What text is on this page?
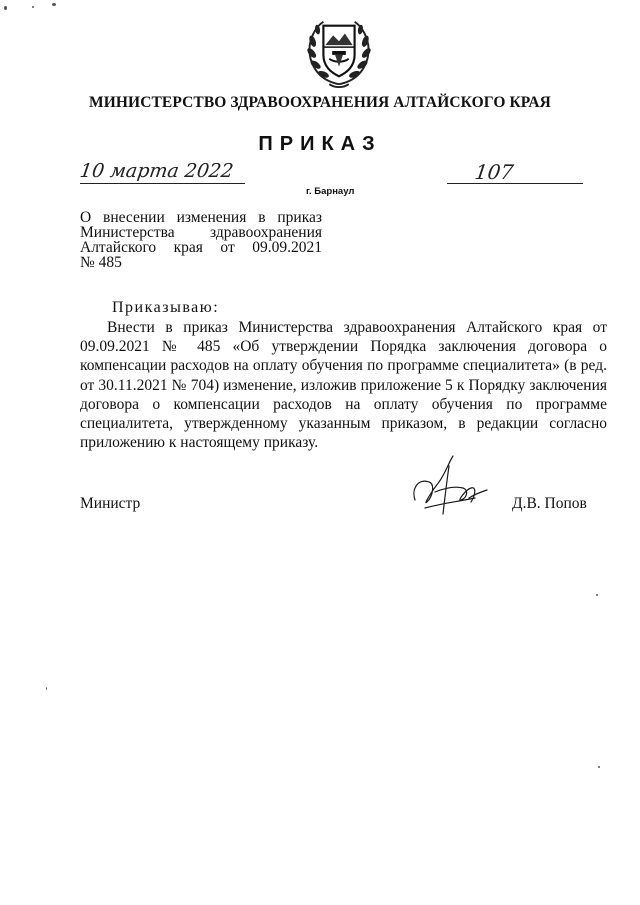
МИНИСТЕРСТВО ЗДРАВООХРАНЕНИЯ АЛТАЙСКОГО КРАЯ
ПРИКАЗ
10 марта 2022	107
г. Барнаул
О внесении изменения в приказ
Министерства здравоохранения
Алтайского края от 09.09.2021
№ 485
Приказываю:
Внести в приказ Министерства здравоохранения Алтайского края от
09.09.2021 № 485 «Об утверждении Порядка заключения договора о
компенсации расходов на оплату обучения по программе специалитета» (в ред.
от 30.11.2021 № 704) изменение, изложив приложение 5 к Порядку заключения
договора о компенсации расходов на оплату обучения по программе
специалитета, утвержденному указанным приказом, в редакции согласно
приложению к настоящему приказу.
Министр	Д.В. Попов
